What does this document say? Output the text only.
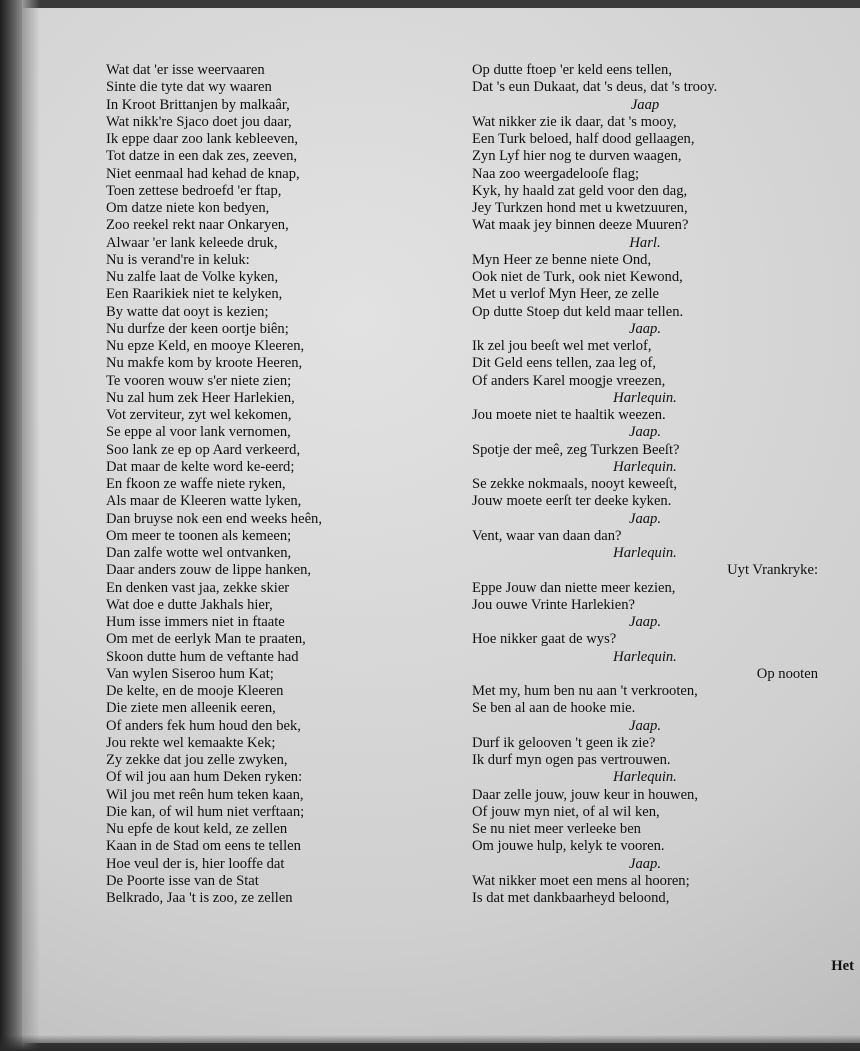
Wat dat 'er isse weervaaren
Sinte die tyte dat wy waaren
In Kroot Brittanjen by malkaâr,
Wat nikk're Sjaco doet jou daar,
Ik eppe daar zoo lank kebleeven,
Tot datze in een dak zes, zeeven,
Niet eenmaal had kehad de knap,
Toen zettese bedroefd 'er ftap,
Om datze niete kon bedyen,
Zoo reekel rekt naar Onkaryen,
Alwaar 'er lank keleede druk,
Nu is verand're in keluk:
Nu zalfe laat de Volke kyken,
Een Raarikiek niet te kelyken,
By watte dat ooyt is kezien;
Nu durfze der keen oortje biên;
Nu epze Keld, en mooye Kleeren,
Nu makfe kom by kroote Heeren,
Te vooren wouw s'er niete zien;
Nu zal hum zek Heer Harlekien,
Vot zerviteur, zyt wel kekomen,
Se eppe al voor lank vernomen,
Soo lank ze ep op Aard verkeerd,
Dat maar de kelte word ke-eerd;
En fkoon ze waffe niete ryken,
Als maar de Kleeren watte lyken,
Dan bruyse nok een end weeks heên,
Om meer te toonen als kemeen;
Dan zalfe wotte wel ontvanken,
Daar anders zouw de lippe hanken,
En denken vast jaa, zekke skier
Wat doe e dutte Jakhals hier,
Hum isse immers niet in ftaate
Om met de eerlyk Man te praaten,
Skoon dutte hum de veftante had
Van wylen Siseroo hum Kat;
De kelte, en de mooje Kleeren
Die ziete men alleenik eeren,
Of anders fek hum houd den bek,
Jou rekte wel kemaakte Kek;
Zy zekke dat jou zelle zwyken,
Of wil jou aan hum Deken ryken:
Wil jou met reên hum teken kaan,
Die kan, of wil hum niet verftaan;
Nu epfe de kout keld, ze zellen
Kaan in de Stad om eens te tellen
Hoe veul der is, hier looffe dat
De Poorte isse van de Stat
Belkrado, Jaa 't is zoo, ze zellen
Op dutte ftoep 'er keld eens tellen,
Dat 's eun Dukaat, dat 's deus, dat 's trooy.
Jaap
Wat nikker zie ik daar, dat 's mooy,
Een Turk beloed, half dood gellaagen,
Zyn Lyf hier nog te durven waagen,
Naa zoo weergadelooſe flag;
Kyk, hy haald zat geld voor den dag,
Jey Turkzen hond met u kwetzuuren,
Wat maak jey binnen deeze Muuren?
Harl.
Myn Heer ze benne niete Ond,
Ook niet de Turk, ook niet Kewond,
Met u verlof Myn Heer, ze zelle
Op dutte Stoep dut keld maar tellen.
Jaap.
Ik zel jou beeſt wel met verlof,
Dit Geld eens tellen, zaa leg of,
Of anders Karel moogje vreezen,
Harlequin.
Jou moete niet te haaltik weezen.
Jaap.
Spotje der meê, zeg Turkzen Beeſt?
Harlequin.
Se zekke nokmaals, nooyt keweeſt,
Jouw moete eerſt ter deeke kyken.
Jaap.
Vent, waar van daan dan?
Harlequin.
Uyt Vrankryke:
Eppe Jouw dan niette meer kezien,
Jou ouwe Vrinte Harlekien?
Jaap.
Hoe nikker gaat de wys?
Harlequin.
Op nooten
Met my, hum ben nu aan 't verkrooten,
Se ben al aan de hooke mie.
Jaap.
Durf ik gelooven 't geen ik zie?
Ik durf myn ogen pas vertrouwen.
Harlequin.
Daar zelle jouw, jouw keur in houwen,
Of jouw myn niet, of al wil ken,
Se nu niet meer verleeke ben
Om jouwe hulp, kelyk te vooren.
Jaap.
Wat nikker moet een mens al hooren;
Is dat met dankbaarheyd beloond,
Het
